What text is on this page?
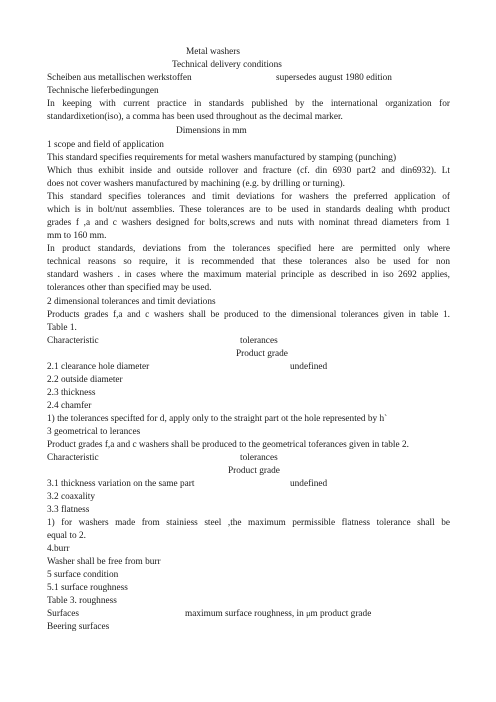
Metal washers
Technical delivery conditions
Scheiben aus metallischen werkstoffen	supersedes august 1980 edition
Technische lieferbedingungen
In keeping with current practice in standards published by the international organization for
standardixetion(iso), a comma has been used throughout as the decimal marker.
Dimensions in mm
1 scope and field of application
This standard specifies requirements for metal washers manufactured by stamping (punching)
Which thus exhibit inside and outside rollover and fracture (cf. din 6930 part2 and din6932). Lt
does not cover washers manufactured by machining (e.g. by drilling or turning).
This standard specifies tolerances and timit deviations for washers the preferred application of
which is in bolt/nut assemblies. These tolerances are to be used in standards dealing whth product
grades f ,a and c washers designed for bolts,screws and nuts with nominat thread diameters from 1
mm to 160 mm.
In product standards, deviations from the tolerances specified here are permitted only where
technical reasons so require, it is recommended that these tolerances also be used for non
standard washers . in cases where the maximum material principle as described in iso 2692 applies,
tolerances other than specified may be used.
2 dimensional tolerances and timit deviations
Products grades f,a and c washers shall be produced to the dimensional tolerances given in table 1.
Table 1.
Characteristic	tolerances
Product grade
2.1 clearance hole diameter	undefined
2.2 outside diameter
2.3 thickness
2.4 chamfer
1) the tolerances specifted for d, apply only to the straight part ot the hole represented by h`
3 geometrical to lerances
Product grades f,a and c washers shall be produced to the geometrical toferances given in table 2.
Characteristic	tolerances
Product grade
3.1 thickness variation on the same part	undefined
3.2 coaxality
3.3 flatness
1) for washers made from stainiess steel ,the maximum permissible flatness tolerance shall be
equal to 2.
4.burr
Washer shall be free from burr
5 surface condition
5.1 surface roughness
Table 3. roughness
Surfaces	maximum surface roughness, in μm product grade
Beering surfaces
